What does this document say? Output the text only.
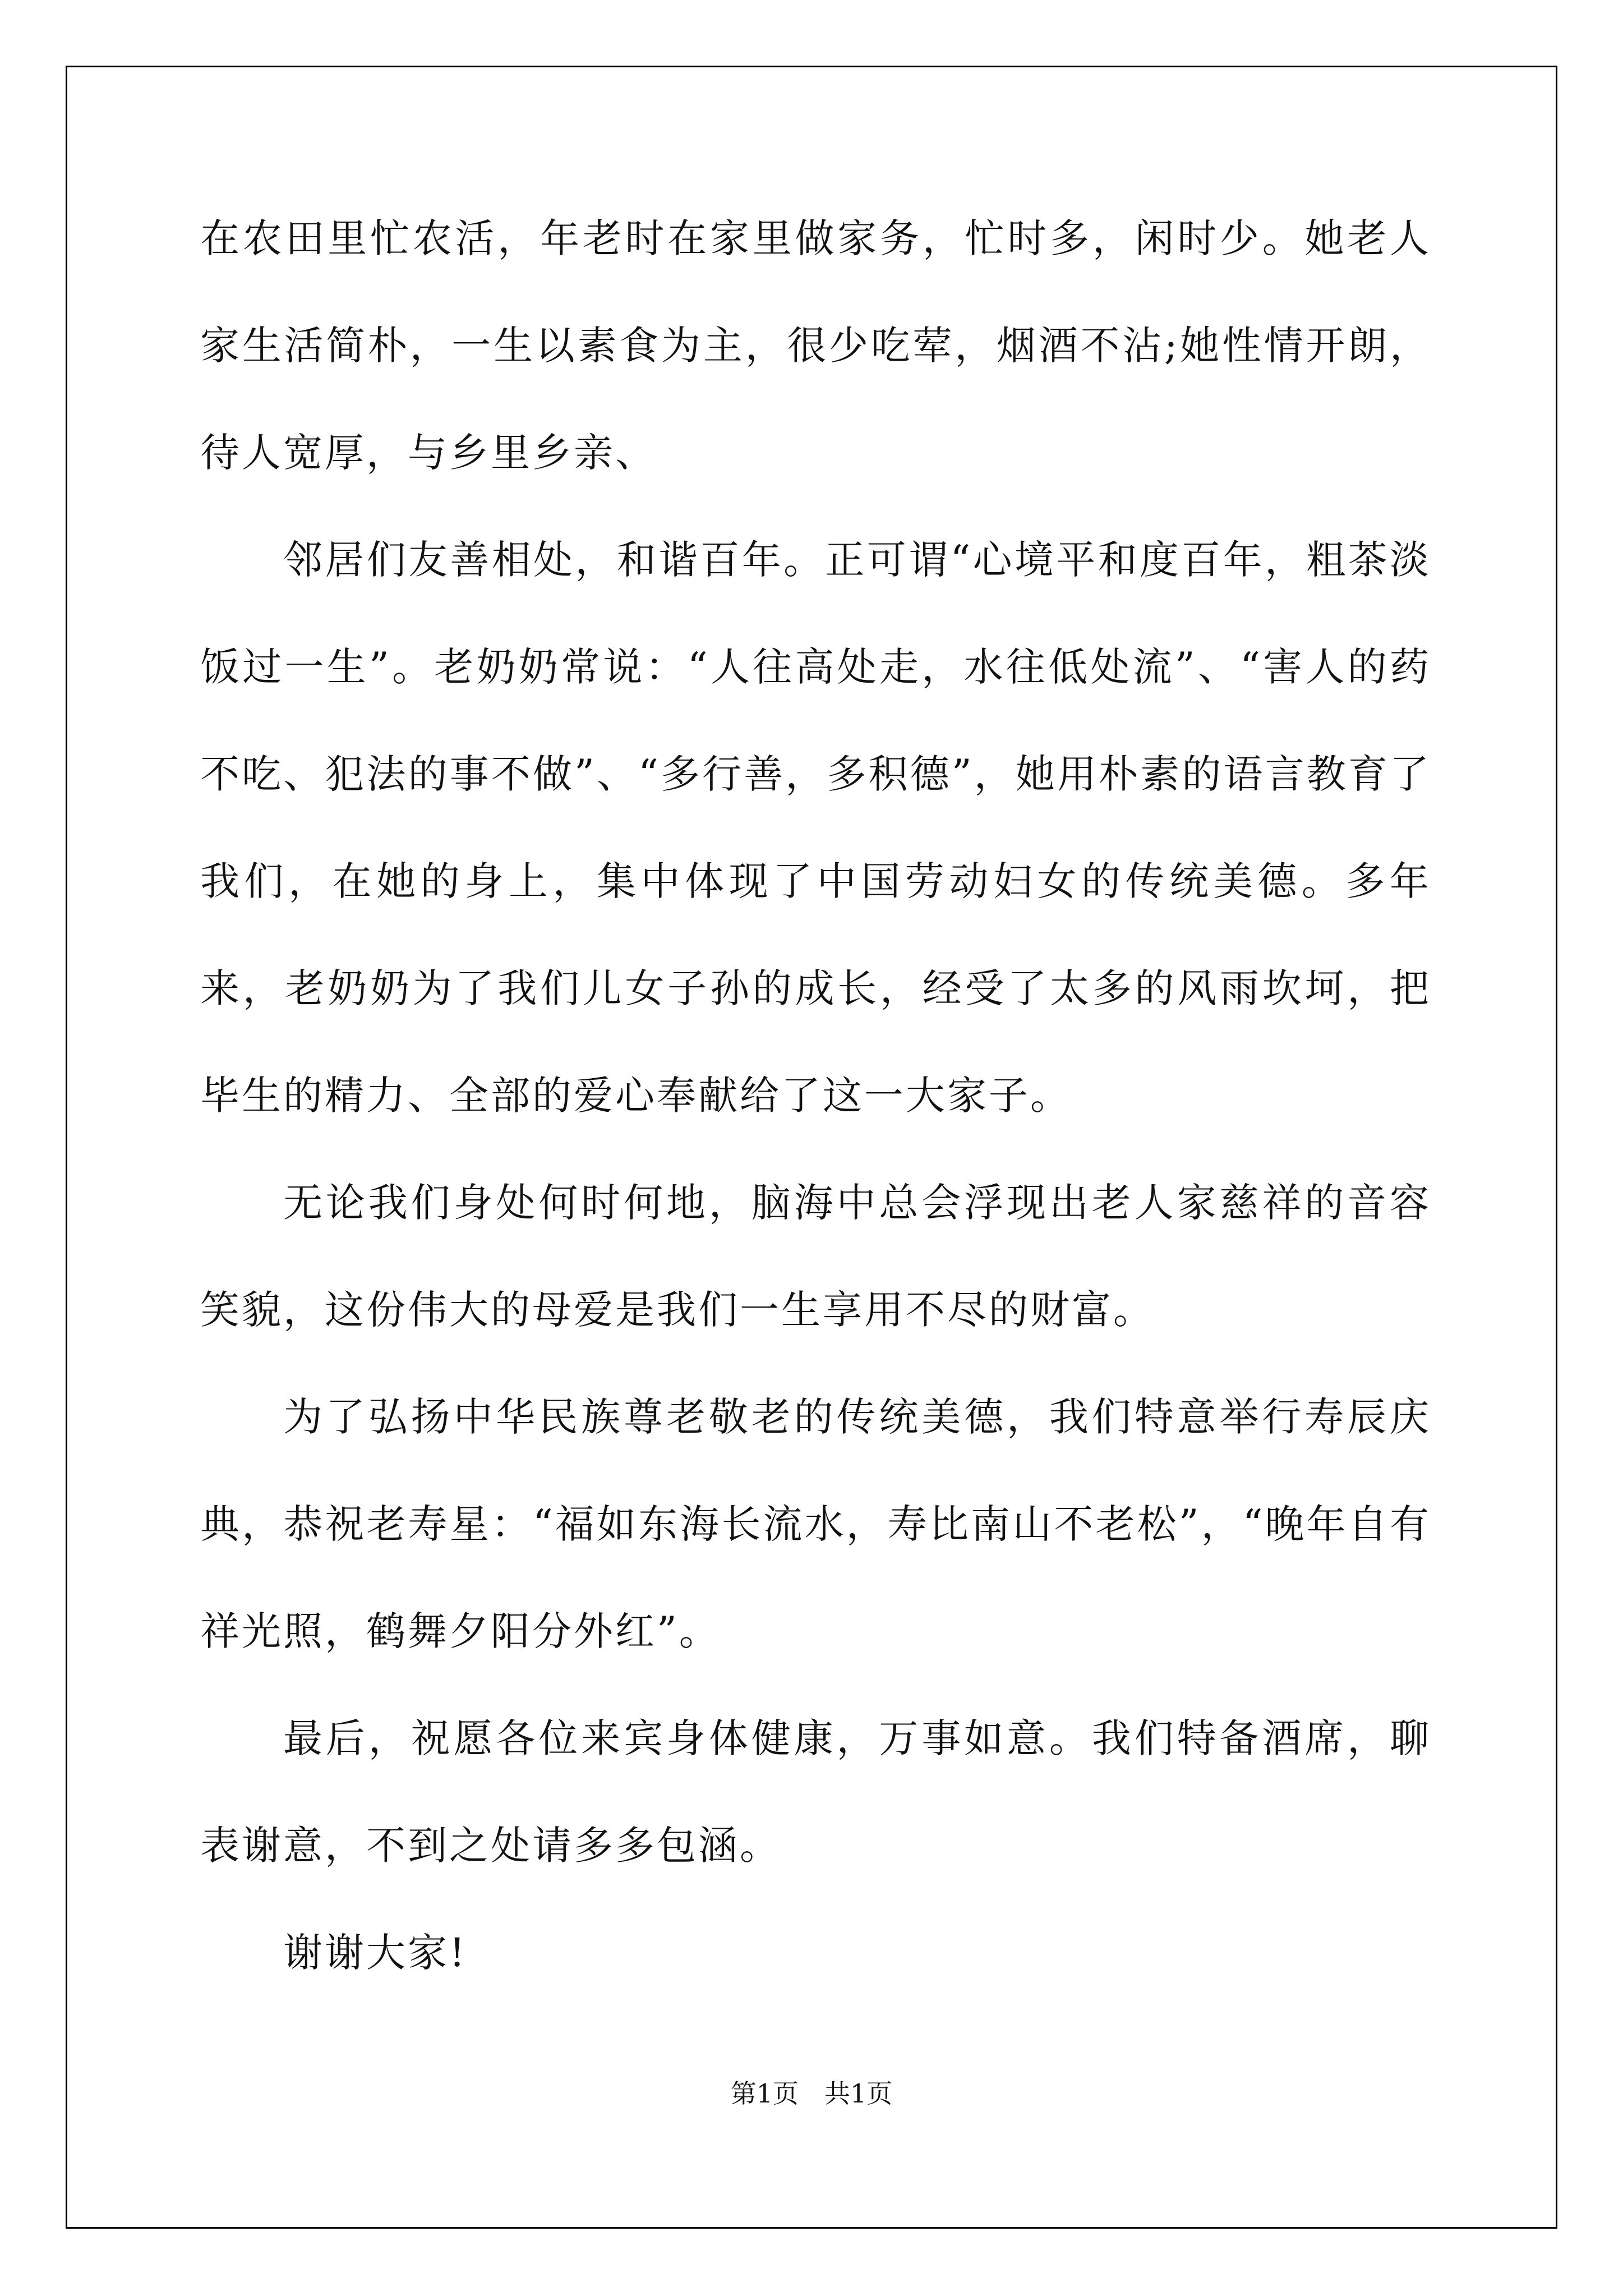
在农田里忙农活，年老时在家里做家务，忙时多，闲时少。她老人家生活简朴，一生以素食为主，很少吃荤，烟酒不沾;她性情开朗，待人宽厚，与乡里乡亲、

邻居们友善相处，和谐百年。正可谓“心境平和度百年，粗茶淡饭过一生”。老奶奶常说：“人往高处走，水往低处流”、“害人的药不吃、犯法的事不做”、“多行善，多积德”，她用朴素的语言教育了我们，在她的身上，集中体现了中国劳动妇女的传统美德。多年来，老奶奶为了我们儿女子孙的成长，经受了太多的风雨坎坷，把毕生的精力、全部的爱心奉献给了这一大家子。

无论我们身处何时何地，脑海中总会浮现出老人家慈祥的音容笑貌，这份伟大的母爱是我们一生享用不尽的财富。

为了弘扬中华民族尊老敬老的传统美德，我们特意举行寿辰庆典，恭祝老寿星：“福如东海长流水，寿比南山不老松”，“晚年自有祥光照，鹤舞夕阳分外红”。

最后，祝愿各位来宾身体健康，万事如意。我们特备酒席，聊表谢意，不到之处请多多包涵。

谢谢大家!

第1页　共1页
